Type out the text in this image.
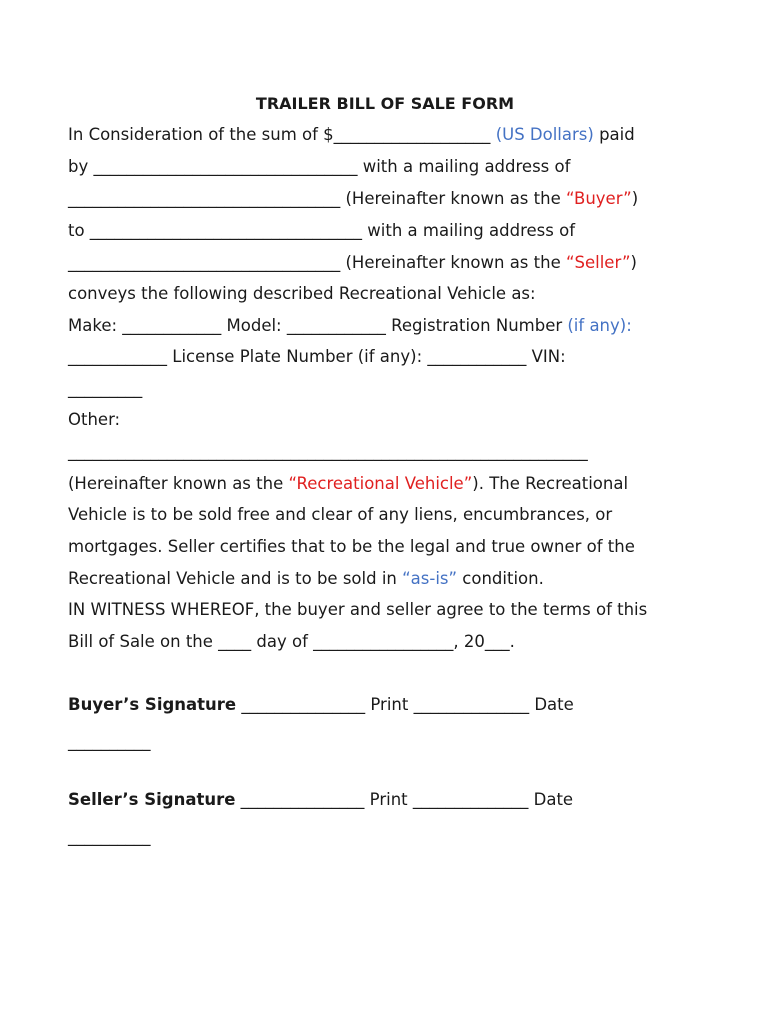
TRAILER BILL OF SALE FORM
In Consideration of the sum of $___________________ (US Dollars) paid
by ________________________________ with a mailing address of
_________________________________ (Hereinafter known as the “Buyer”)
to _________________________________ with a mailing address of
_________________________________ (Hereinafter known as the “Seller”)
conveys the following described Recreational Vehicle as:
Make: ____________ Model: ____________ Registration Number (if any):
____________ License Plate Number (if any): ____________ VIN:
_________
Other:
_______________________________________________________________
(Hereinafter known as the “Recreational Vehicle”). The Recreational
Vehicle is to be sold free and clear of any liens, encumbrances, or
mortgages. Seller certifies that to be the legal and true owner of the
Recreational Vehicle and is to be sold in “as-is” condition.
IN WITNESS WHEREOF, the buyer and seller agree to the terms of this
Bill of Sale on the ____ day of _________________, 20___.
Buyer’s Signature _______________ Print ______________ Date
__________
Seller’s Signature _______________ Print ______________ Date
__________
